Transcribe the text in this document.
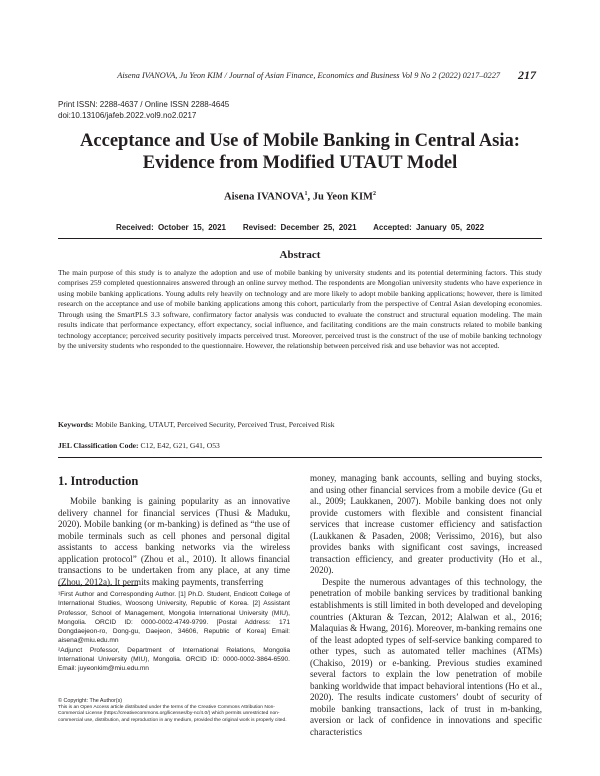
Aisena IVANOVA, Ju Yeon KIM / Journal of Asian Finance, Economics and Business Vol 9 No 2 (2022) 0217–0227 217
Print ISSN: 2288-4637 / Online ISSN 2288-4645
doi:10.13106/jafeb.2022.vol9.no2.0217
Acceptance and Use of Mobile Banking in Central Asia:
Evidence from Modified UTAUT Model
Aisena IVANOVA$^1$, Ju Yeon KIM$^2$
Received: October 15, 2021 Revised: December 25, 2021 Accepted: January 05, 2022
Abstract
The main purpose of this study is to analyze the adoption and use of mobile banking by university students and its potential determining factors. This study comprises 259 completed questionnaires answered through an online survey method. The respondents are Mongolian university students who have experience in using mobile banking applications. Young adults rely heavily on technology and are more likely to adopt mobile banking applications; however, there is limited research on the acceptance and use of mobile banking applications among this cohort, particularly from the perspective of Central Asian developing economies. Through using the SmartPLS 3.3 software, confirmatory factor analysis was conducted to evaluate the construct and structural equation modeling. The main results indicate that performance expectancy, effort expectancy, social influence, and facilitating conditions are the main constructs related to mobile banking technology acceptance; perceived security positively impacts perceived trust. Moreover, perceived trust is the construct of the use of mobile banking technology by the university students who responded to the questionnaire. However, the relationship between perceived risk and use behavior was not accepted.
Keywords: Mobile Banking, UTAUT, Perceived Security, Perceived Trust, Perceived Risk
JEL Classification Code: C12, E42, G21, G41, O53
1. Introduction

Mobile banking is gaining popularity as an innovative delivery channel for financial services (Thusi & Maduku, 2020). Mobile banking (or m-banking) is defined as “the use of mobile terminals such as cell phones and personal digital assistants to access banking networks via the wireless application protocol” (Zhou et al., 2010). It allows financial transactions to be undertaken from any place, at any time (Zhou, 2012a). It permits making payments, transferring

money, managing bank accounts, selling and buying stocks, and using other financial services from a mobile device (Gu et al., 2009; Laukkanen, 2007). Mobile banking does not only provide customers with flexible and consistent financial services that increase customer efficiency and satisfaction (Laukkanen & Pasaden, 2008; Verissimo, 2016), but also provides banks with significant cost savings, increased transaction efficiency, and greater productivity (Ho et al., 2020).

Despite the numerous advantages of this technology, the penetration of mobile banking services by traditional banking establishments is still limited in both developed and developing countries (Akturan & Tezcan, 2012; Alalwan et al., 2016; Malaquias & Hwang, 2016). Moreover, m-banking remains one of the least adopted types of self-service banking compared to other types, such as automated teller machines (ATMs) (Chakiso, 2019) or e-banking. Previous studies examined several factors to explain the low penetration of mobile banking worldwide that impact behavioral intentions (Ho et al., 2020). The results indicate customers’ doubt of security of mobile banking transactions, lack of trust in m-banking, aversion or lack of confidence in innovations and specific characteristics

¹First Author and Corresponding Author. [1] Ph.D. Student, Endicott College of International Studies, Woosong University, Republic of Korea. [2] Assistant Professor, School of Management, Mongolia International University (MIU), Mongolia. ORCID ID: 0000-0002-4749-9799. [Postal Address: 171 Dongdaejeon-ro, Dong-gu, Daejeon, 34606, Republic of Korea] Email: aisena@miu.edu.mn
²Adjunct Professor, Department of International Relations, Mongolia International University (MIU), Mongolia. ORCID ID: 0000-0002-3864-6590. Email: juyeonkim@miu.edu.mn
© Copyright: The Author(s)
This is an Open Access article distributed under the terms of the Creative Commons Attribution Non-Commercial License (https://creativecommons.org/licenses/by-nc/4.0/) which permits unrestricted non-commercial use, distribution, and reproduction in any medium, provided the original work is properly cited.
